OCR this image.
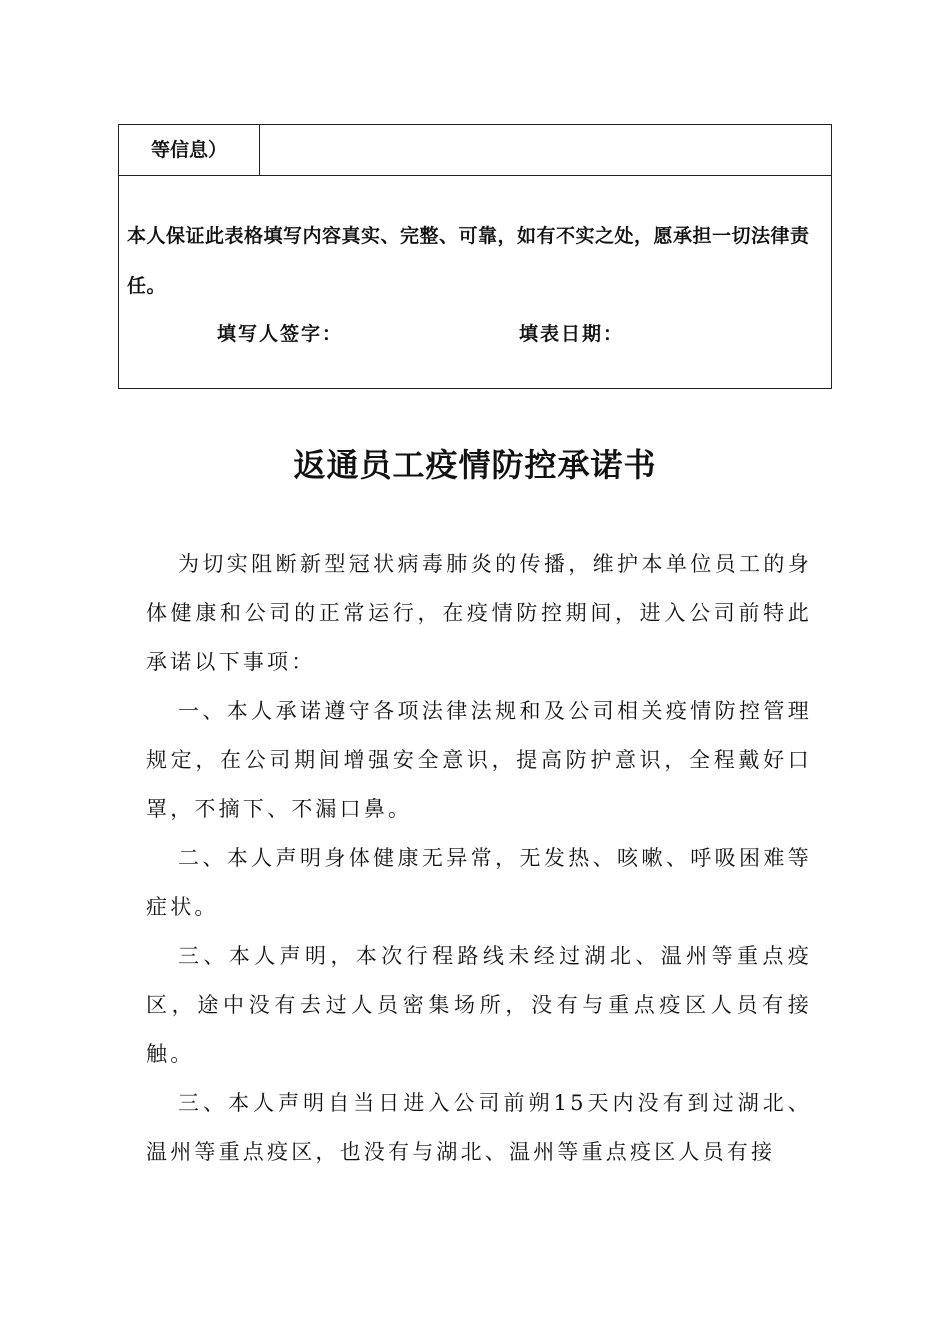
等信息）
本人保证此表格填写内容真实、完整、可靠，如有不实之处，愿承担一切法律责任。
填写人签字：	填表日期：
返通员工疫情防控承诺书

为切实阻断新型冠状病毒肺炎的传播，维护本单位员工的身体健康和公司的正常运行，在疫情防控期间，进入公司前特此承诺以下事项：

一、本人承诺遵守各项法律法规和及公司相关疫情防控管理规定，在公司期间增强安全意识，提高防护意识，全程戴好口罩，不摘下、不漏口鼻。

二、本人声明身体健康无异常，无发热、咳嗽、呼吸困难等症状。

三、本人声明，本次行程路线未经过湖北、温州等重点疫区，途中没有去过人员密集场所，没有与重点疫区人员有接触。

三、本人声明自当日进入公司前朔15天内没有到过湖北、温州等重点疫区，也没有与湖北、温州等重点疫区人员有接
